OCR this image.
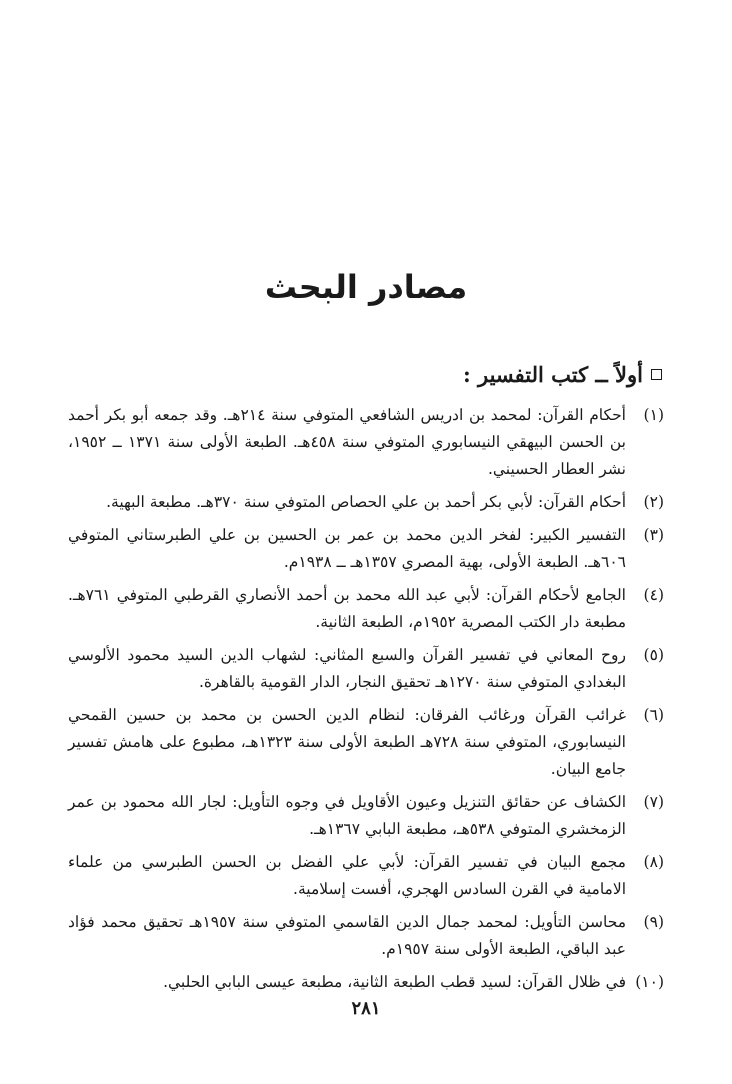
مصادر البحث
أولاً ــ كتب التفسير :
(١)
أحكام القرآن: لمحمد بن ادريس الشافعي المتوفي سنة ٢١٤هـ. وقد جمعه أبو بكر أحمد بن الحسن البيهقي النيسابوري المتوفي سنة ٤٥٨هـ. الطبعة الأولى سنة ١٣٧١ ــ ١٩٥٢، نشر العطار الحسيني.
(٢)
أحكام القرآن: لأبي بكر أحمد بن علي الحصاص المتوفي سنة ٣٧٠هـ. مطبعة البهية.
(٣)
التفسير الكبير: لفخر الدين محمد بن عمر بن الحسين بن علي الطبرستاني المتوفي ٦٠٦هـ. الطبعة الأولى، بهية المصري ١٣٥٧هـ ــ ١٩٣٨م.
(٤)
الجامع لأحكام القرآن: لأبي عبد الله محمد بن أحمد الأنصاري القرطبي المتوفي ٧٦١هـ. مطبعة دار الكتب المصرية ١٩٥٢م، الطبعة الثانية.
(٥)
روح المعاني في تفسير القرآن والسبع المثاني: لشهاب الدين السيد محمود الألوسي البغدادي المتوفي سنة ١٢٧٠هـ تحقيق النجار، الدار القومية بالقاهرة.
(٦)
غرائب القرآن ورغائب الفرقان: لنظام الدين الحسن بن محمد بن حسين القمحي النيسابوري، المتوفي سنة ٧٢٨هـ الطبعة الأولى سنة ١٣٢٣هـ، مطبوع على هامش تفسير جامع البيان.
(٧)
الكشاف عن حقائق التنزيل وعيون الأقاويل في وجوه التأويل: لجار الله محمود بن عمر الزمخشري المتوفي ٥٣٨هـ، مطبعة البابي ١٣٦٧هـ.
(٨)
مجمع البيان في تفسير القرآن: لأبي علي الفضل بن الحسن الطبرسي من علماء الامامية في القرن السادس الهجري، أفست إسلامية.
(٩)
محاسن التأويل: لمحمد جمال الدين القاسمي المتوفي سنة ١٩٥٧هـ تحقيق محمد فؤاد عبد الباقي، الطبعة الأولى سنة ١٩٥٧م.
(١٠)
في ظلال القرآن: لسيد قطب الطبعة الثانية، مطبعة عيسى البابي الحلبي.

٢٨١
